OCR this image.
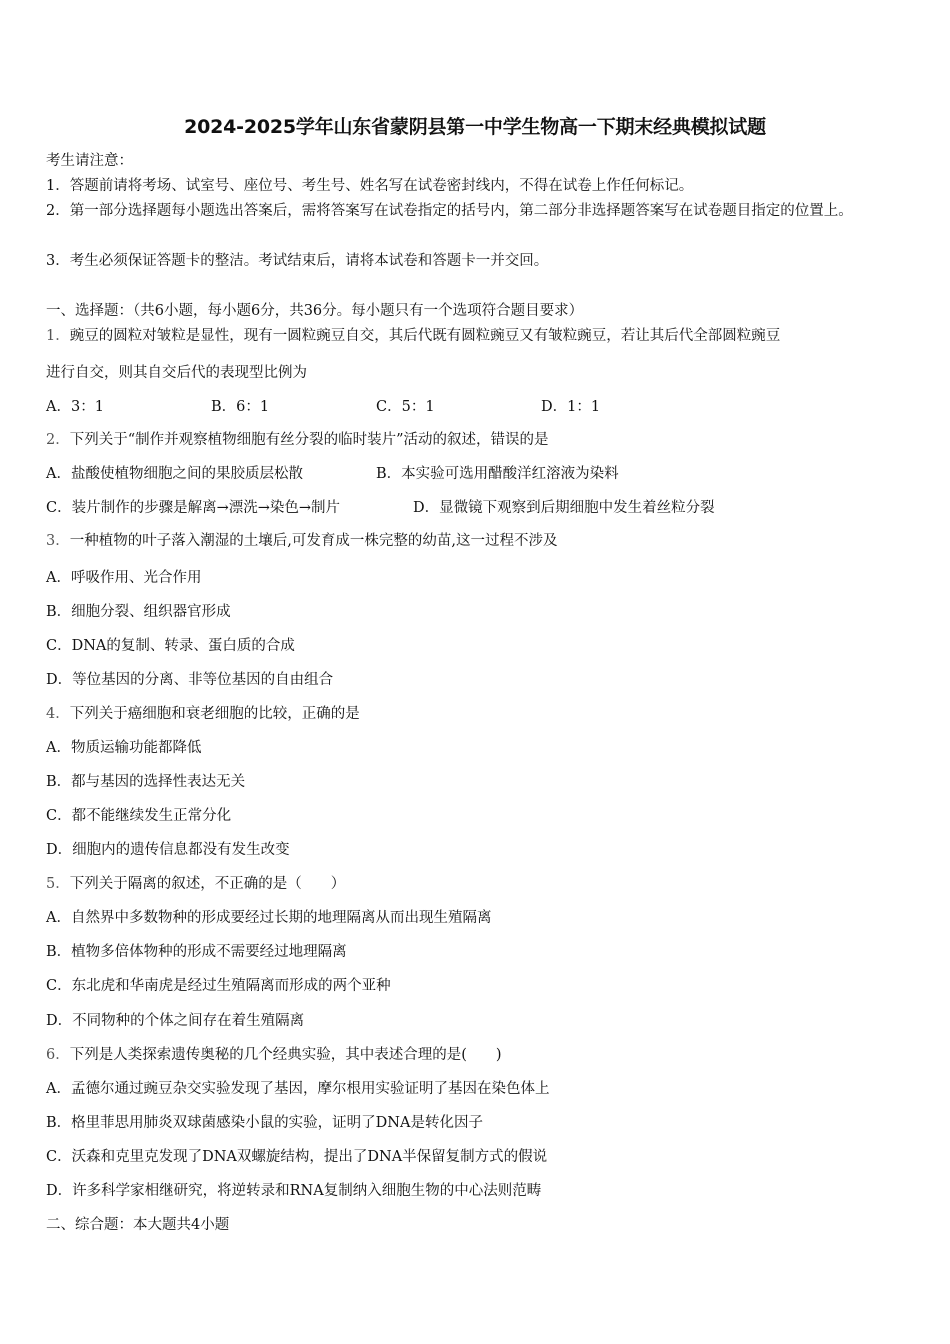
2024-2025学年山东省蒙阴县第一中学生物高一下期末经典模拟试题
考生请注意：
1．答题前请将考场、试室号、座位号、考生号、姓名写在试卷密封线内，不得在试卷上作任何标记。
2．第一部分选择题每小题选出答案后，需将答案写在试卷指定的括号内，第二部分非选择题答案写在试卷题目指定的位置上。
3．考生必须保证答题卡的整洁。考试结束后，请将本试卷和答题卡一并交回。
一、选择题：（共6小题，每小题6分，共36分。每小题只有一个选项符合题目要求）
1．豌豆的圆粒对皱粒是显性，现有一圆粒豌豆自交，其后代既有圆粒豌豆又有皱粒豌豆，若让其后代全部圆粒豌豆
进行自交，则其自交后代的表现型比例为
A．3：1	B．6：1	C．5：1	D．1：1
2．下列关于“制作并观察植物细胞有丝分裂的临时装片”活动的叙述，错误的是
A．盐酸使植物细胞之间的果胶质层松散	B．本实验可选用醋酸洋红溶液为染料
C．装片制作的步骤是解离→漂洗→染色→制片	D．显微镜下观察到后期细胞中发生着丝粒分裂
3．一种植物的叶子落入潮湿的土壤后,可发育成一株完整的幼苗,这一过程不涉及
A．呼吸作用、光合作用
B．细胞分裂、组织器官形成
C．DNA的复制、转录、蛋白质的合成
D．等位基因的分离、非等位基因的自由组合
4．下列关于癌细胞和衰老细胞的比较，正确的是
A．物质运输功能都降低
B．都与基因的选择性表达无关
C．都不能继续发生正常分化
D．细胞内的遗传信息都没有发生改变
5．下列关于隔离的叙述，不正确的是（　　）
A．自然界中多数物种的形成要经过长期的地理隔离从而出现生殖隔离
B．植物多倍体物种的形成不需要经过地理隔离
C．东北虎和华南虎是经过生殖隔离而形成的两个亚种
D．不同物种的个体之间存在着生殖隔离
6．下列是人类探索遗传奥秘的几个经典实验，其中表述合理的是(　　)
A．孟德尔通过豌豆杂交实验发现了基因，摩尔根用实验证明了基因在染色体上
B．格里菲思用肺炎双球菌感染小鼠的实验，证明了DNA是转化因子
C．沃森和克里克发现了DNA双螺旋结构，提出了DNA半保留复制方式的假说
D．许多科学家相继研究，将逆转录和RNA复制纳入细胞生物的中心法则范畴
二、综合题：本大题共4小题
